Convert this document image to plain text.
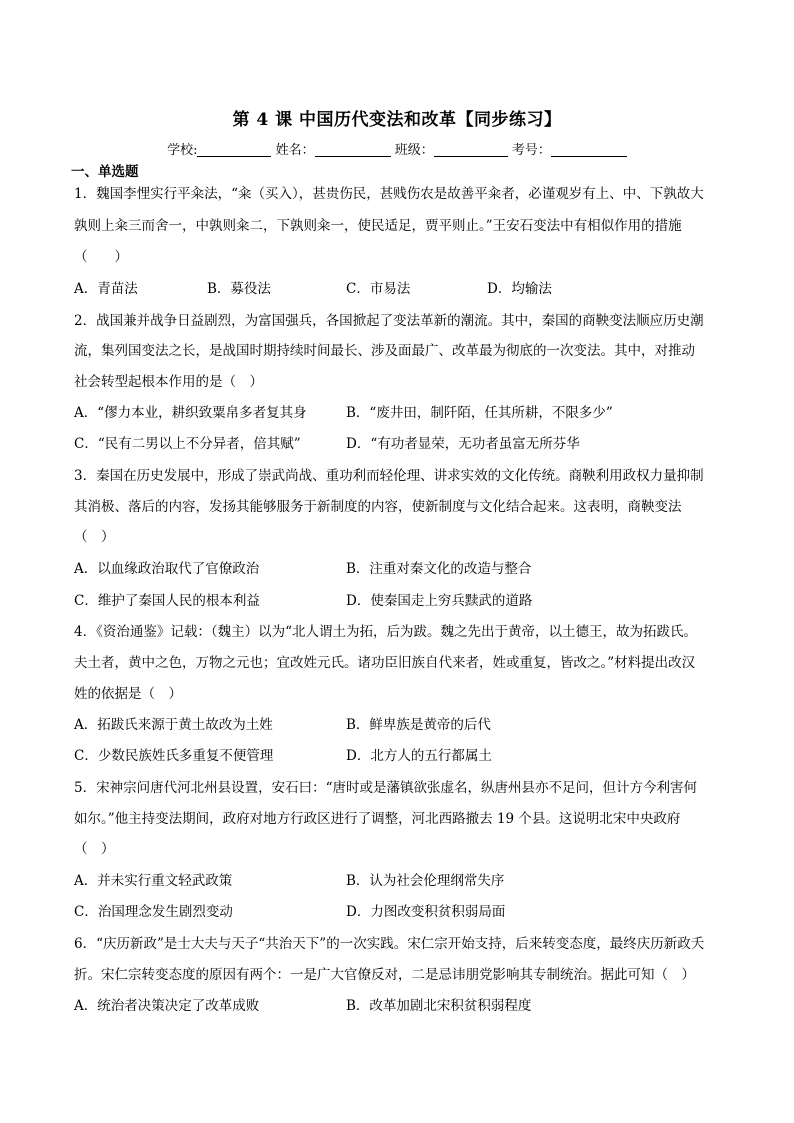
第 4 课 中国历代变法和改革【同步练习】
学校:	姓名：	班级：	考号：
一、单选题
1．魏国李悝实行平籴法，“籴（买入），甚贵伤民，甚贱伤农是故善平籴者，必谨观岁有上、中、下孰故大
孰则上籴三而舍一，中孰则籴二，下孰则籴一，使民适足，贾平则止。”王安石变法中有相似作用的措施
（　　）
A．青苗法	B．募役法	C．市易法	D．均输法
2．战国兼并战争日益剧烈，为富国强兵，各国掀起了变法革新的潮流。其中，秦国的商鞅变法顺应历史潮
流，集列国变法之长，是战国时期持续时间最长、涉及面最广、改革最为彻底的一次变法。其中，对推动
社会转型起根本作用的是（　）
A．“僇力本业，耕织致粟帛多者复其身	B．“废井田，制阡陌，任其所耕，不限多少”
C．“民有二男以上不分异者，倍其赋”	D．“有功者显荣，无功者虽富无所芬华
3．秦国在历史发展中，形成了崇武尚战、重功利而轻伦理、讲求实效的文化传统。商鞅利用政权力量抑制
其消极、落后的内容，发扬其能够服务于新制度的内容，使新制度与文化结合起来。这表明，商鞅变法
（　）
A．以血缘政治取代了官僚政治	B．注重对秦文化的改造与整合
C．维护了秦国人民的根本利益	D．使秦国走上穷兵黩武的道路
4．《资治通鉴》记载：（魏主）以为“北人谓土为拓，后为跋。魏之先出于黄帝，以土德王，故为拓跋氏。
夫土者，黄中之色，万物之元也；宜改姓元氏。诸功臣旧族自代来者，姓或重复，皆改之。”材料提出改汉
姓的依据是（　）
A．拓跋氏来源于黄土故改为土姓	B．鲜卑族是黄帝的后代
C．少数民族姓氏多重复不便管理	D．北方人的五行都属土
5．宋神宗问唐代河北州县设置，安石曰：“唐时或是藩镇欲张虚名，纵唐州县亦不足问，但计方今利害何
如尔。”他主持变法期间，政府对地方行政区进行了调整，河北西路撤去 19 个县。这说明北宋中央政府
（　）
A．并未实行重文轻武政策	B．认为社会伦理纲常失序
C．治国理念发生剧烈变动	D．力图改变积贫积弱局面
6．“庆历新政”是士大夫与天子“共治天下”的一次实践。宋仁宗开始支持，后来转变态度，最终庆历新政夭
折。宋仁宗转变态度的原因有两个：一是广大官僚反对，二是忌讳朋党影响其专制统治。据此可知（　）
A．统治者决策决定了改革成败	B．改革加剧北宋积贫积弱程度
